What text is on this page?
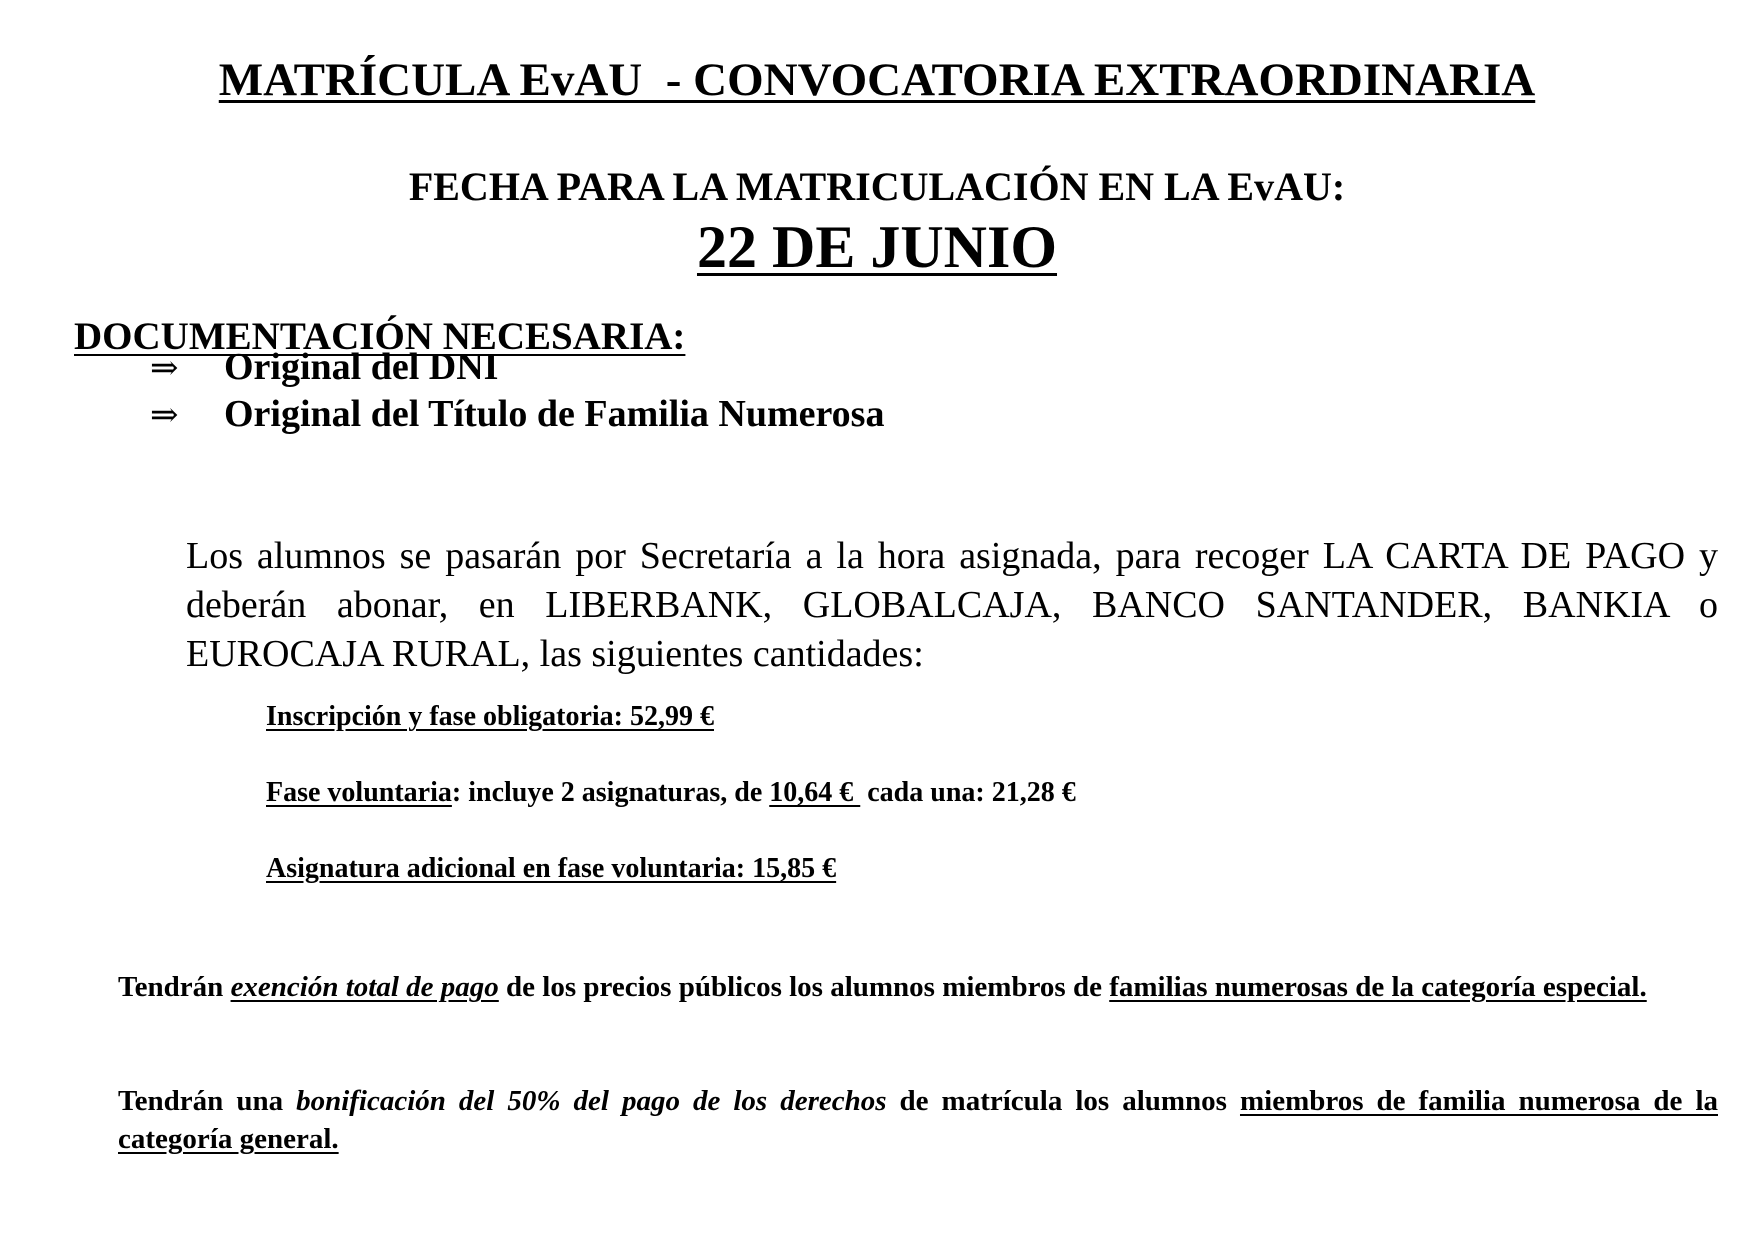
MATRÍCULA EvAU  - CONVOCATORIA EXTRAORDINARIA
FECHA PARA LA MATRICULACIÓN EN LA EvAU:
22 DE JUNIO
DOCUMENTACIÓN NECESARIA:
⇒	Original del DNI
⇒	Original del Título de Familia Numerosa
Los alumnos se pasarán por Secretaría a la hora asignada, para recoger LA CARTA DE PAGO y deberán abonar, en LIBERBANK, GLOBALCAJA, BANCO SANTANDER, BANKIA o EUROCAJA RURAL, las siguientes cantidades:
Inscripción y fase obligatoria: 52,99 €
Fase voluntaria: incluye 2 asignaturas, de 10,64 €  cada una: 21,28 €
Asignatura adicional en fase voluntaria: 15,85 €
Tendrán exención total de pago de los precios públicos los alumnos miembros de familias numerosas de la categoría especial.
Tendrán una bonificación del 50% del pago de los derechos de matrícula los alumnos miembros de familia numerosa de la categoría general.
